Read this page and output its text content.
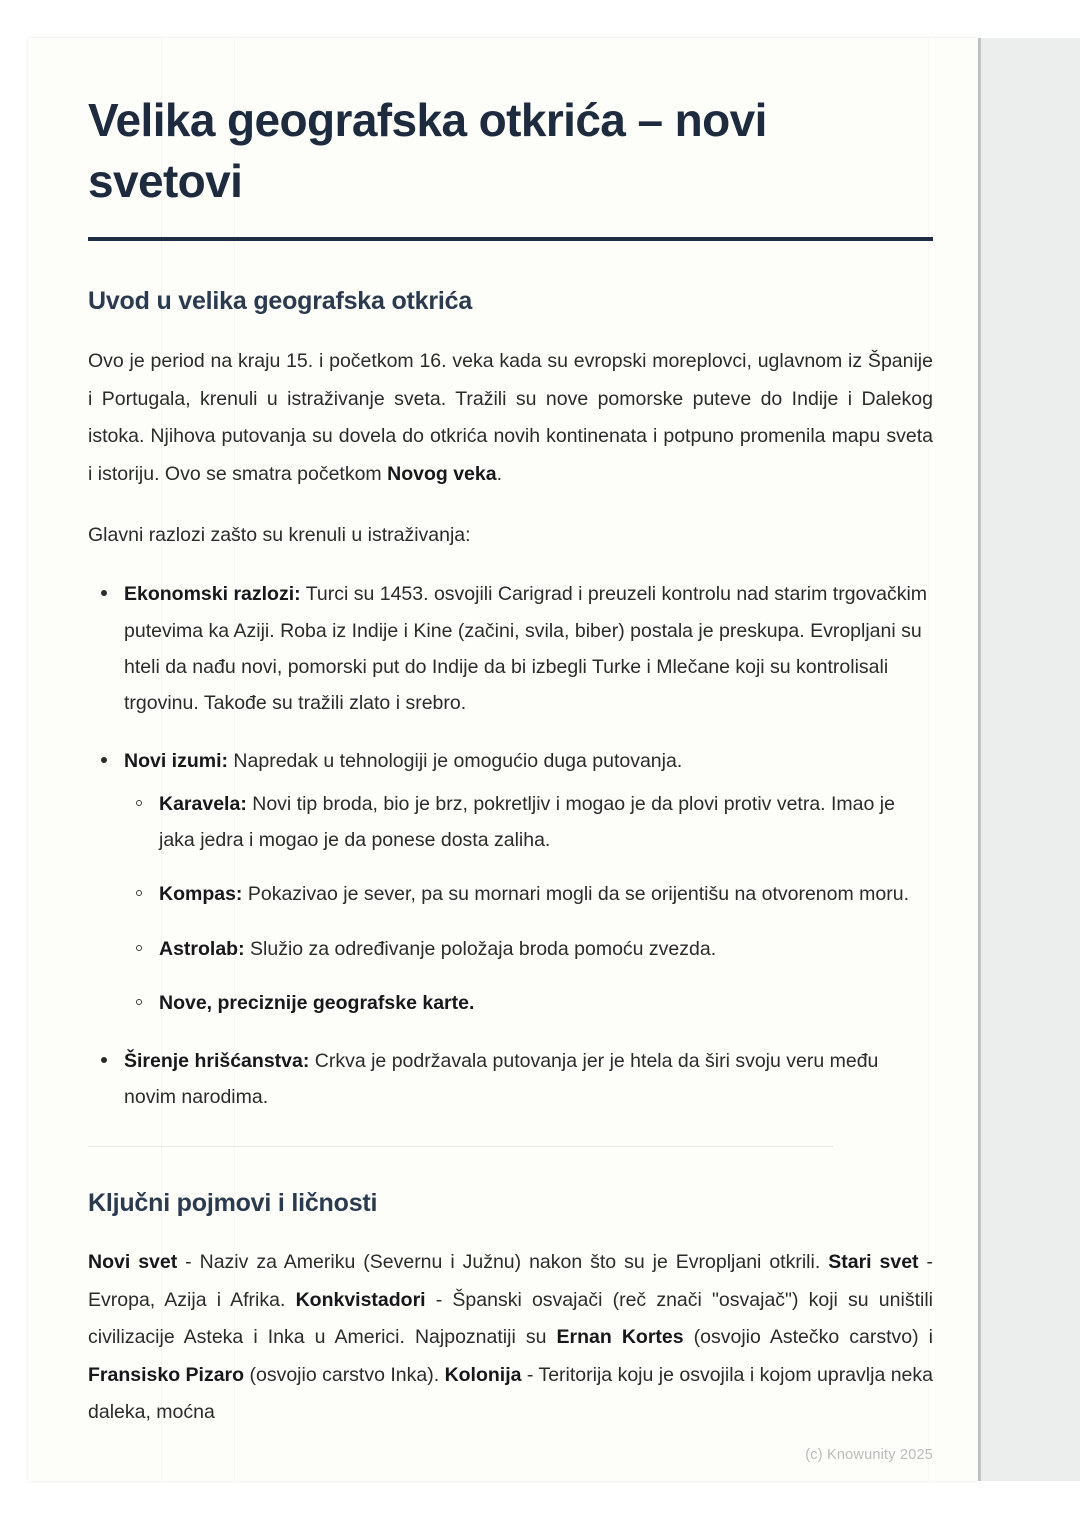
Velika geografska otkrića – novi svetovi
Uvod u velika geografska otkrića

Ovo je period na kraju 15. i početkom 16. veka kada su evropski moreplovci, uglavnom iz Španije i Portugala, krenuli u istraživanje sveta. Tražili su nove pomorske puteve do Indije i Dalekog istoka. Njihova putovanja su dovela do otkrića novih kontinenata i potpuno promenila mapu sveta i istoriju. Ovo se smatra početkom Novog veka.

Glavni razlozi zašto su krenuli u istraživanja:

Ekonomski razlozi: Turci su 1453. osvojili Carigrad i preuzeli kontrolu nad starim trgovačkim putevima ka Aziji. Roba iz Indije i Kine (začini, svila, biber) postala je preskupa. Evropljani su hteli da nađu novi, pomorski put do Indije da bi izbegli Turke i Mlečane koji su kontrolisali trgovinu. Takođe su tražili zlato i srebro.
Novi izumi: Napredak u tehnologiji je omogućio duga putovanja.
Karavela: Novi tip broda, bio je brz, pokretljiv i mogao je da plovi protiv vetra. Imao je jaka jedra i mogao je da ponese dosta zaliha.
Kompas: Pokazivao je sever, pa su mornari mogli da se orijentišu na otvorenom moru.
Astrolab: Služio za određivanje položaja broda pomoću zvezda.
Nove, preciznije geografske karte.
Širenje hrišćanstva: Crkva je podržavala putovanja jer je htela da širi svoju veru među novim narodima.
Ključni pojmovi i ličnosti

Novi svet - Naziv za Ameriku (Severnu i Južnu) nakon što su je Evropljani otkrili. Stari svet - Evropa, Azija i Afrika. Konkvistadori - Španski osvajači (reč znači "osvajač") koji su uništili civilizacije Asteka i Inka u Americi. Najpoznatiji su Ernan Kortes (osvojio Astečko carstvo) i Fransisko Pizaro (osvojio carstvo Inka). Kolonija - Teritorija koju je osvojila i kojom upravlja neka daleka, moćna

(c) Knowunity 2025
